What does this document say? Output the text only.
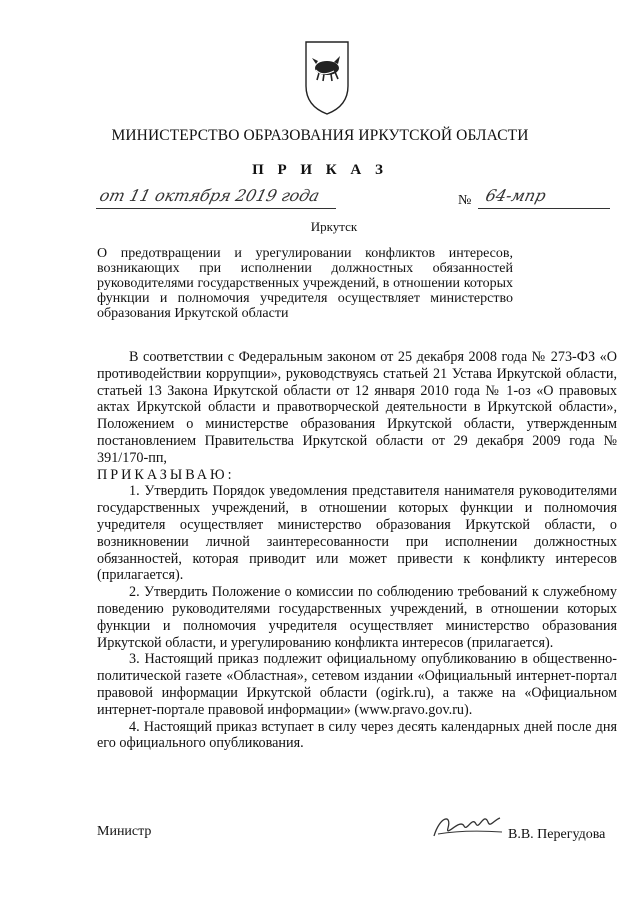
МИНИСТЕРСТВО ОБРАЗОВАНИЯ ИРКУТСКОЙ ОБЛАСТИ
П Р И К А З
от 11 октября 2019 года	№ 64-мпр
Иркутск
О предотвращении и урегулировании конфликтов интересов, возникающих при исполнении должностных обязанностей руководителями государственных учреждений, в отношении которых функции и полномочия учредителя осуществляет министерство образования Иркутской области

В соответствии с Федеральным законом от 25 декабря 2008 года № 273-ФЗ «О противодействии коррупции», руководствуясь статьей 21 Устава Иркутской области, статьей 13 Закона Иркутской области от 12 января 2010 года № 1-оз «О правовых актах Иркутской области и правотворческой деятельности в Иркутской области», Положением о министерстве образования Иркутской области, утвержденным постановлением Правительства Иркутской области от 29 декабря 2009 года № 391/170-пп,

ПРИКАЗЫВАЮ:

1. Утвердить Порядок уведомления представителя нанимателя руководителями государственных учреждений, в отношении которых функции и полномочия учредителя осуществляет министерство образования Иркутской области, о возникновении личной заинтересованности при исполнении должностных обязанностей, которая приводит или может привести к конфликту интересов (прилагается).

2. Утвердить Положение о комиссии по соблюдению требований к служебному поведению руководителями государственных учреждений, в отношении которых функции и полномочия учредителя осуществляет министерство образования Иркутской области, и урегулированию конфликта интересов (прилагается).

3. Настоящий приказ подлежит официальному опубликованию в общественно-политической газете «Областная», сетевом издании «Официальный интернет-портал правовой информации Иркутской области (ogirk.ru), а также на «Официальном интернет-портале правовой информации» (www.pravo.gov.ru).

4. Настоящий приказ вступает в силу через десять календарных дней после дня его официального опубликования.

Министр	В.В. Перегудова
